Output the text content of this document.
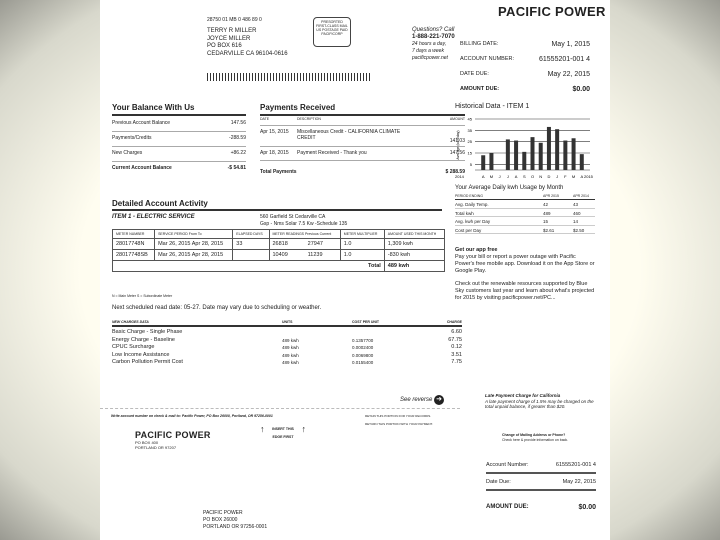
28750 01 MB 0 486 89 0
TERRY R MILLER
JOYCE MILLER
PO BOX 616
CEDARVILLE CA 96104-0616
PRESORTED FIRST-CLASS MAIL US POSTAGE PAID PACIFICORP
Questions? Call
1-888-221-7070
24 hours a day,
7 days a week
pacificpower.net
PACIFIC POWER
BILLING DATE:	May 1, 2015
ACCOUNT NUMBER:	61555201-001 4
DATE DUE:	May 22, 2015
AMOUNT DUE:	$0.00
Your Balance With Us
Previous Account Balance	147.56
Payments/Credits	-288.59
New Charges	+86.22
Current Account Balance	-$ 54.81
Payments Received
DATE	DESCRIPTION	AMOUNT
Apr 15, 2015	Miscellaneous Credit - CALIFORNIA CLIMATE CREDIT	141.03
Apr 18, 2015	Payment Received - Thank you	147.56
Total Payments	$ 288.59
Historical Data - ITEM 1
Average (kwh/day)
5
15
25
35
45
2014	2015
A M J J A S O N D J F M A
Your Average Daily kwh Usage by Month
PERIOD ENDING	APR 2015	APR 2014
Avg. Daily Temp.	42	43
Total kwh	489	460
Avg. kwh per Day	15	14
Cost per Day	$2.61	$2.50
Get our app free
Pay your bill or report a power outage with Pacific Power's free mobile app. Download it on the App Store or Google Play.
Check out the renewable resources supported by Blue Sky customers last year and learn about what's projected for 2015 by visiting pacificpower.net/PC...
Detailed Account Activity
ITEM 1 - ELECTRIC SERVICE	560 Garfield St Cedarville CA
Gsp - Nms Solar 7.5 Kw -Schedule 135
METER NUMBER	SERVICE PERIOD From To	ELAPSED DAYS	METER READINGS Previous Current		METER MULTIPLIER	AMOUNT USED THIS MONTH
28017748N	Mar 26, 2015 Apr 28, 2015	33	26818	27947	1.0	1,309 kwh
28017748SB	Mar 26, 2015 Apr 28, 2015		10409	11239	1.0	-830 kwh
Total						489 kwh
N = Main Meter S = Subordinate Meter
Next scheduled read date: 05-27. Date may vary due to scheduling or weather.
NEW CHARGES DATA	UNITS	COST PER UNIT	CHARGE
Basic Charge - Single Phase	6.60
Energy Charge - Baseline	489 kwh	0.1357700	67.75
CPUC Surcharge	489 kwh	0.0002400	0.12
Low Income Assistance	489 kwh	0.0069800	3.51
Carbon Pollution Permit Cost	489 kwh	0.0155400	7.75
See reverse ➜
RETAIN THIS PORTION FOR YOUR RECORDS.
RETURN THIS PORTION WITH YOUR PAYMENT.
Write account number on check & mail to: Pacific Power, PO Box 26000, Portland, OR 97256-0001
↑ INSERT THIS EDGE FIRST
↑
PACIFIC POWER
PO BOX 400
PORTLAND OR 97207
PACIFIC POWER
PO BOX 26000
PORTLAND OR 97256-0001
Late Payment Charge for California
A late payment charge of 1.5% may be charged on the total unpaid balance, if greater than $20.
Change of Mailing Address or Phone?
Check here & provide information on back.
Account Number:	61555201-001 4
Date Due:	May 22, 2015
AMOUNT DUE:	$0.00
